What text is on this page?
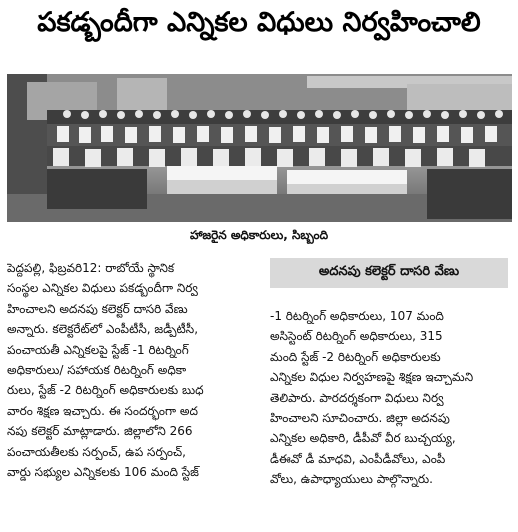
పకడ్బందీగా ఎన్నికల విధులు నిర్వహించాలి
హాజరైన అధికారులు, సిబ్బంది
పెద్దపల్లి, ఫిబ్రవరి12: రాబోయే స్థానిక
సంస్థల ఎన్నికల విధులు పకడ్బందీగా నిర్వ
హించాలని అదనపు కలెక్టర్ దాసరి వేణు
అన్నారు. కలెక్టరేట్‌లో ఎంపీటీసీ, జడ్పీటీసీ,
పంచాయతీ ఎన్నికలపై స్టేజ్ -1 రిటర్నింగ్
అధికారులు/ సహాయక రిటర్నింగ్ అధికా
రులు, స్టేజ్ -2 రిటర్నింగ్ అధికారులకు బుధ
వారం శిక్షణ ఇచ్చారు. ఈ సందర్భంగా అద
నపు కలెక్టర్ మాట్లాడారు. జిల్లాలోని 266
పంచాయతీలకు సర్పంచ్, ఉప సర్పంచ్,
వార్డు సభ్యుల ఎన్నికలకు 106 మంది స్టేజ్
అదనపు కలెక్టర్ దాసరి వేణు
-1 రిటర్నింగ్ అధికారులు, 107 మంది
అసిస్టెంట్ రిటర్నింగ్ అధికారులు, 315
మంది స్టేజ్ -2 రిటర్నింగ్ అధికారులకు
ఎన్నికల విధుల నిర్వహణపై శిక్షణ ఇచ్చామని
తెలిపారు. పారదర్శకంగా విధులు నిర్వ
హించాలని సూచించారు. జిల్లా అదనపు
ఎన్నికల అధికారి, డీపీవో వీర బుచ్చయ్య,
డీఈవో డీ మాధవి, ఎంపీడీవోలు, ఎంపీ
వోలు, ఉపాధ్యాయులు పాల్గొన్నారు.
